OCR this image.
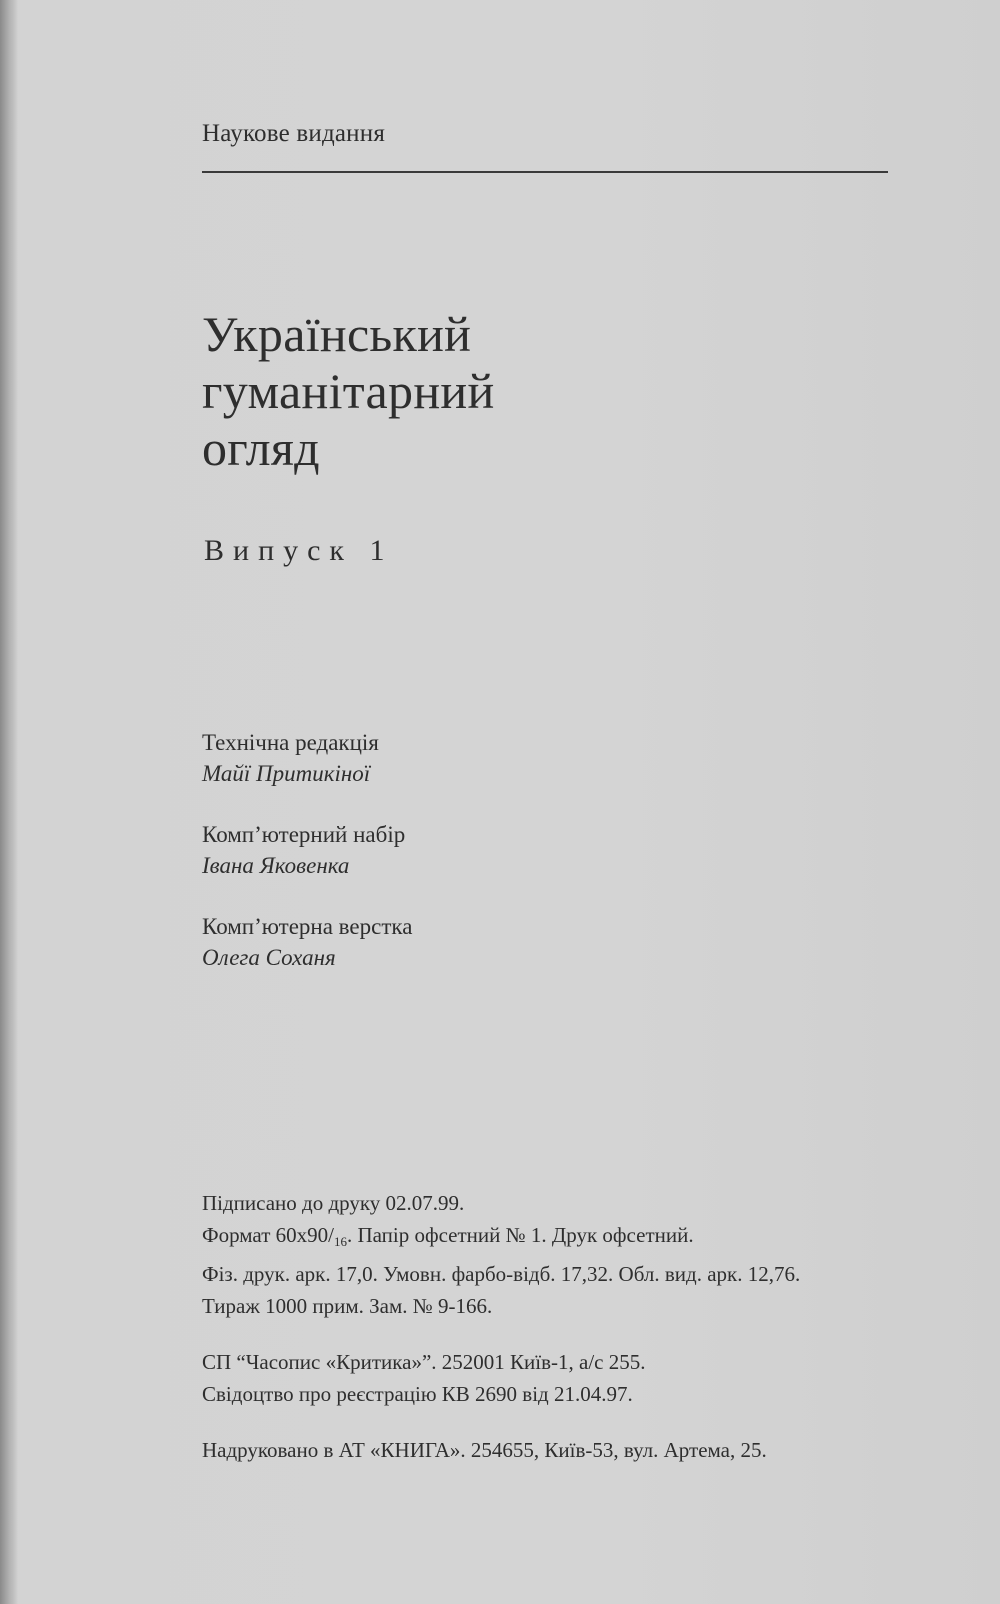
Наукове видання
Український
гуманітарний
огляд
Випуск 1
Технічна редакція
Майї Притикіної
Комп’ютерний набір
Івана Яковенка
Комп’ютерна верстка
Олега Соханя
Підписано до друку 02.07.99.
Формат $60х90/_{16}$. Папір офсетний № 1. Друк офсетний.
Фіз. друк. арк. 17,0. Умовн. фарбо-відб. 17,32. Обл. вид. арк. 12,76.
Тираж 1000 прим. Зам. № 9-166.
СП “Часопис «Критика»”. 252001 Київ-1, а/с 255.
Свідоцтво про реєстрацію КВ 2690 від 21.04.97.
Надруковано в АТ «КНИГА». 254655, Київ-53, вул. Артема, 25.
